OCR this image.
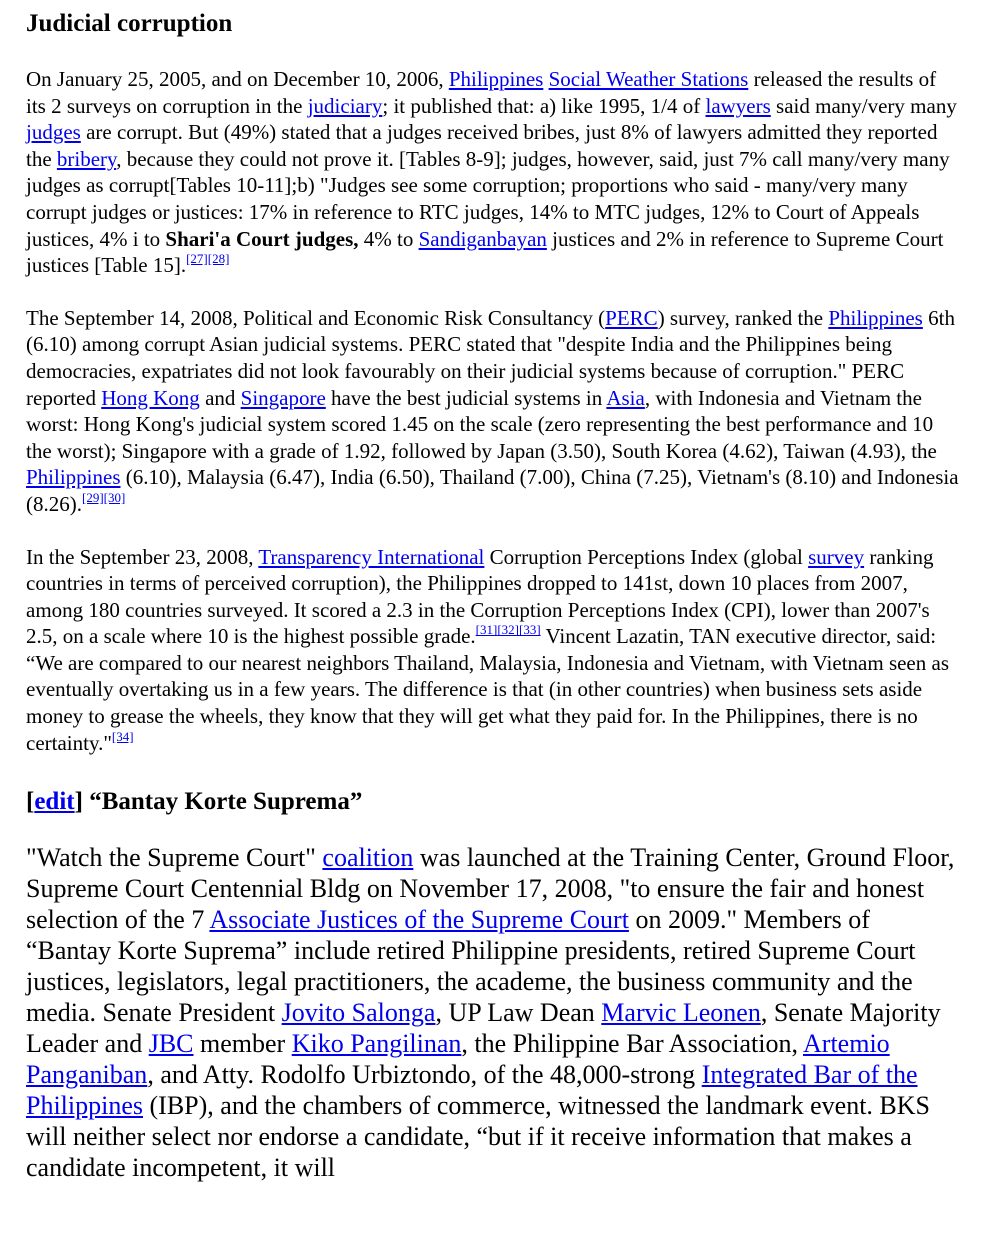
Judicial corruption

On January 25, 2005, and on December 10, 2006, Philippines Social Weather Stations released the results of its 2 surveys on corruption in the judiciary; it published that: a) like 1995, 1/4 of lawyers said many/very many judges are corrupt. But (49%) stated that a judges received bribes, just 8% of lawyers admitted they reported the bribery, because they could not prove it. [Tables 8-9]; judges, however, said, just 7% call many/very many judges as corrupt[Tables 10-11];b) "Judges see some corruption; proportions who said - many/very many corrupt judges or justices: 17% in reference to RTC judges, 14% to MTC judges, 12% to Court of Appeals justices, 4% i to Shari'a Court judges, 4% to Sandiganbayan justices and 2% in reference to Supreme Court justices [Table 15].[27][28]

The September 14, 2008, Political and Economic Risk Consultancy (PERC) survey, ranked the Philippines 6th (6.10) among corrupt Asian judicial systems. PERC stated that "despite India and the Philippines being democracies, expatriates did not look favourably on their judicial systems because of corruption." PERC reported Hong Kong and Singapore have the best judicial systems in Asia, with Indonesia and Vietnam the worst: Hong Kong's judicial system scored 1.45 on the scale (zero representing the best performance and 10 the worst); Singapore with a grade of 1.92, followed by Japan (3.50), South Korea (4.62), Taiwan (4.93), the Philippines (6.10), Malaysia (6.47), India (6.50), Thailand (7.00), China (7.25), Vietnam's (8.10) and Indonesia (8.26).[29][30]

In the September 23, 2008, Transparency International Corruption Perceptions Index (global survey ranking countries in terms of perceived corruption), the Philippines dropped to 141st, down 10 places from 2007, among 180 countries surveyed. It scored a 2.3 in the Corruption Perceptions Index (CPI), lower than 2007's 2.5, on a scale where 10 is the highest possible grade.[31][32][33] Vincent Lazatin, TAN executive director, said: “We are compared to our nearest neighbors Thailand, Malaysia, Indonesia and Vietnam, with Vietnam seen as eventually overtaking us in a few years. The difference is that (in other countries) when business sets aside money to grease the wheels, they know that they will get what they paid for. In the Philippines, there is no certainty."[34]

[edit] “Bantay Korte Suprema”

"Watch the Supreme Court" coalition was launched at the Training Center, Ground Floor, Supreme Court Centennial Bldg on November 17, 2008, "to ensure the fair and honest selection of the 7 Associate Justices of the Supreme Court on 2009." Members of “Bantay Korte Suprema” include retired Philippine presidents, retired Supreme Court justices, legislators, legal practitioners, the academe, the business community and the media. Senate President Jovito Salonga, UP Law Dean Marvic Leonen, Senate Majority Leader and JBC member Kiko Pangilinan, the Philippine Bar Association, Artemio Panganiban, and Atty. Rodolfo Urbiztondo, of the 48,000-strong Integrated Bar of the Philippines (IBP), and the chambers of commerce, witnessed the landmark event. BKS will neither select nor endorse a candidate, “but if it receive information that makes a candidate incompetent, it will
